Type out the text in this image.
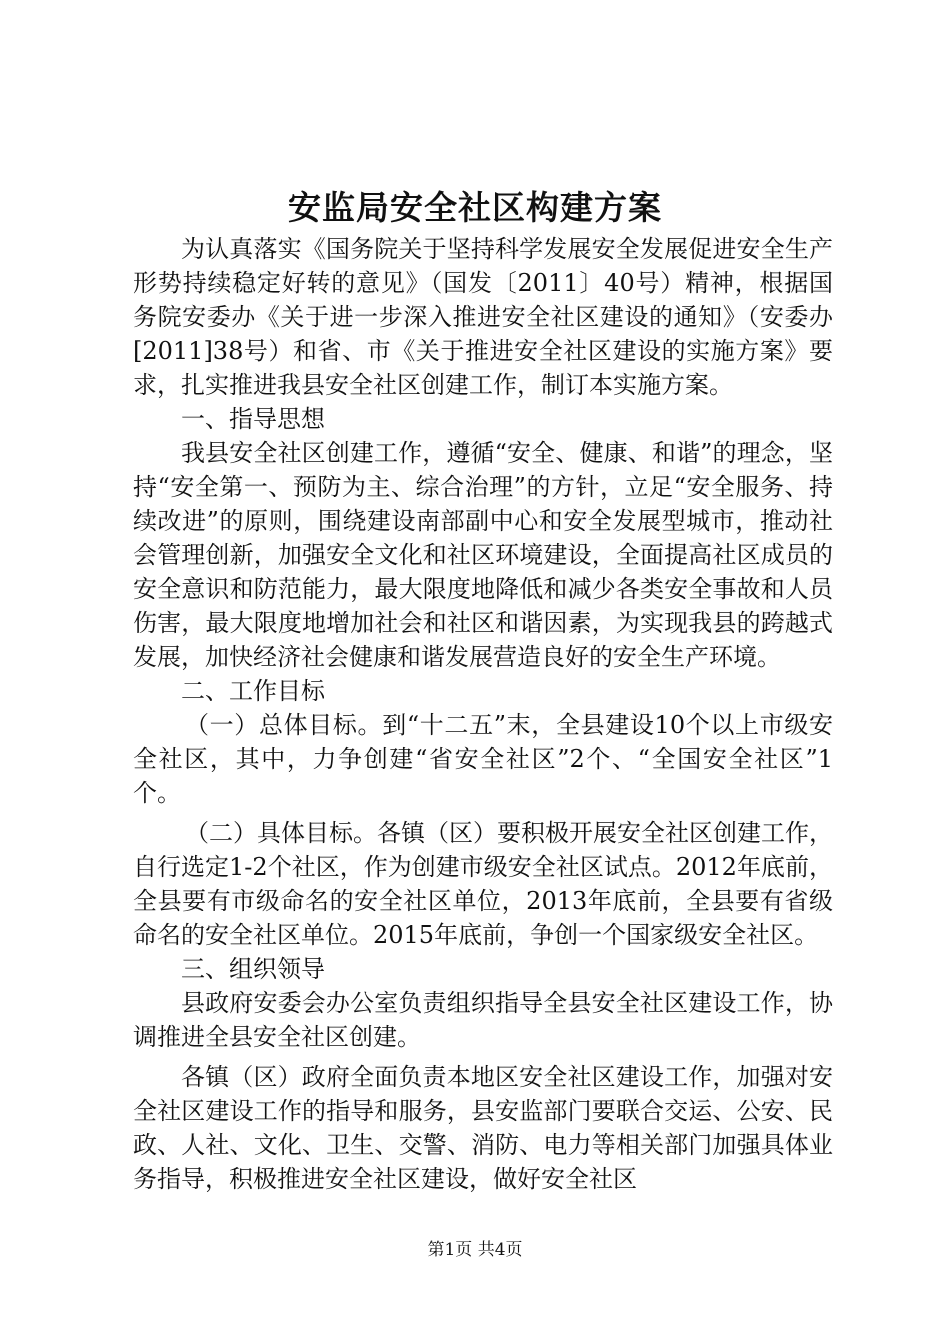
安监局安全社区构建方案

为认真落实《国务院关于坚持科学发展安全发展促进安全生产形势持续稳定好转的意见》（国发〔2011〕40号）精神，根据国务院安委办《关于进一步深入推进安全社区建设的通知》（安委办[2011]38号）和省、市《关于推进安全社区建设的实施方案》要求，扎实推进我县安全社区创建工作，制订本实施方案。

一、指导思想

我县安全社区创建工作，遵循“安全、健康、和谐”的理念，坚持“安全第一、预防为主、综合治理”的方针，立足“安全服务、持续改进”的原则，围绕建设南部副中心和安全发展型城市，推动社会管理创新，加强安全文化和社区环境建设，全面提高社区成员的安全意识和防范能力，最大限度地降低和减少各类安全事故和人员伤害，最大限度地增加社会和社区和谐因素，为实现我县的跨越式发展，加快经济社会健康和谐发展营造良好的安全生产环境。

二、工作目标

（一）总体目标。到“十二五”末，全县建设10个以上市级安全社区，其中，力争创建“省安全社区”2个、“全国安全社区”1个。

（二）具体目标。各镇（区）要积极开展安全社区创建工作，自行选定1-2个社区，作为创建市级安全社区试点。2012年底前，全县要有市级命名的安全社区单位，2013年底前，全县要有省级命名的安全社区单位。2015年底前，争创一个国家级安全社区。

三、组织领导

县政府安委会办公室负责组织指导全县安全社区建设工作，协调推进全县安全社区创建。

各镇（区）政府全面负责本地区安全社区建设工作，加强对安全社区建设工作的指导和服务，县安监部门要联合交运、公安、民政、人社、文化、卫生、交警、消防、电力等相关部门加强具体业务指导，积极推进安全社区建设，做好安全社区

第1页 共4页
